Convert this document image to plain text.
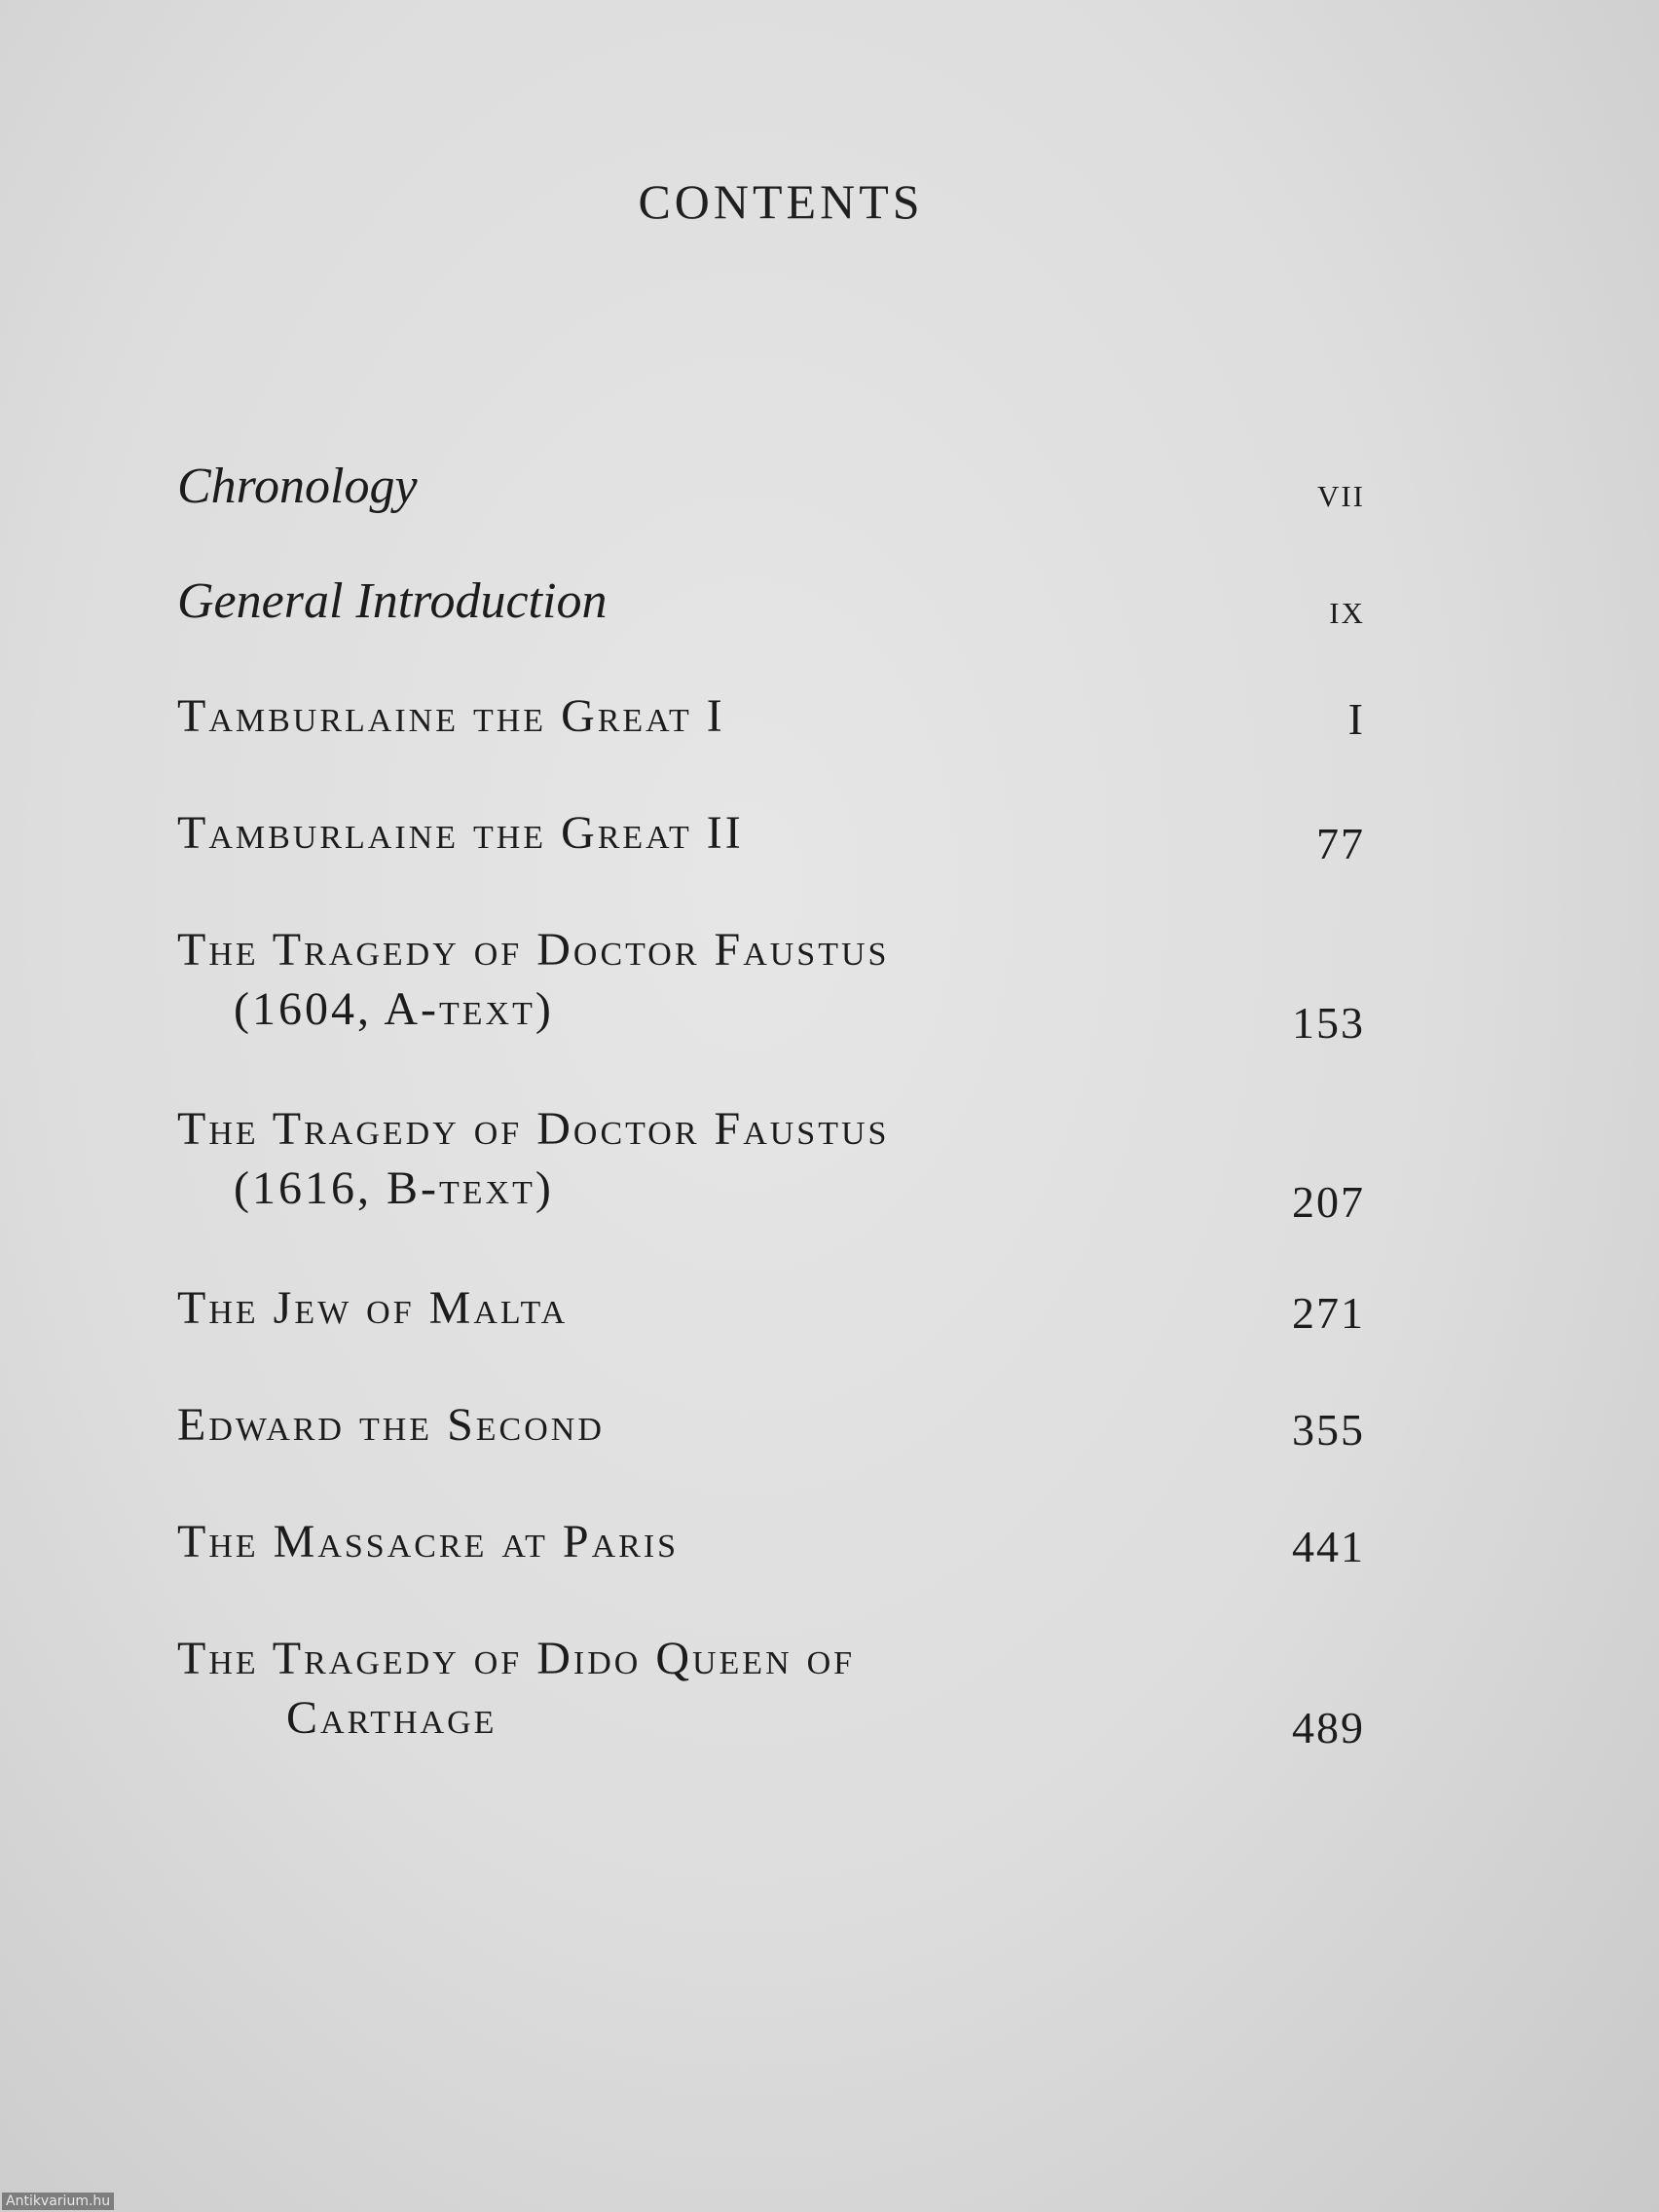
CONTENTS
Chronology	vii
General Introduction	ix
Tamburlaine the Great I	I
Tamburlaine the Great II	77
The Tragedy of Doctor Faustus
(1604, A-text)	153
The Tragedy of Doctor Faustus
(1616, B-text)	207
The Jew of Malta	271
Edward the Second	355
The Massacre at Paris	441
The Tragedy of Dido Queen of
Carthage	489
Antikvarium.hu
